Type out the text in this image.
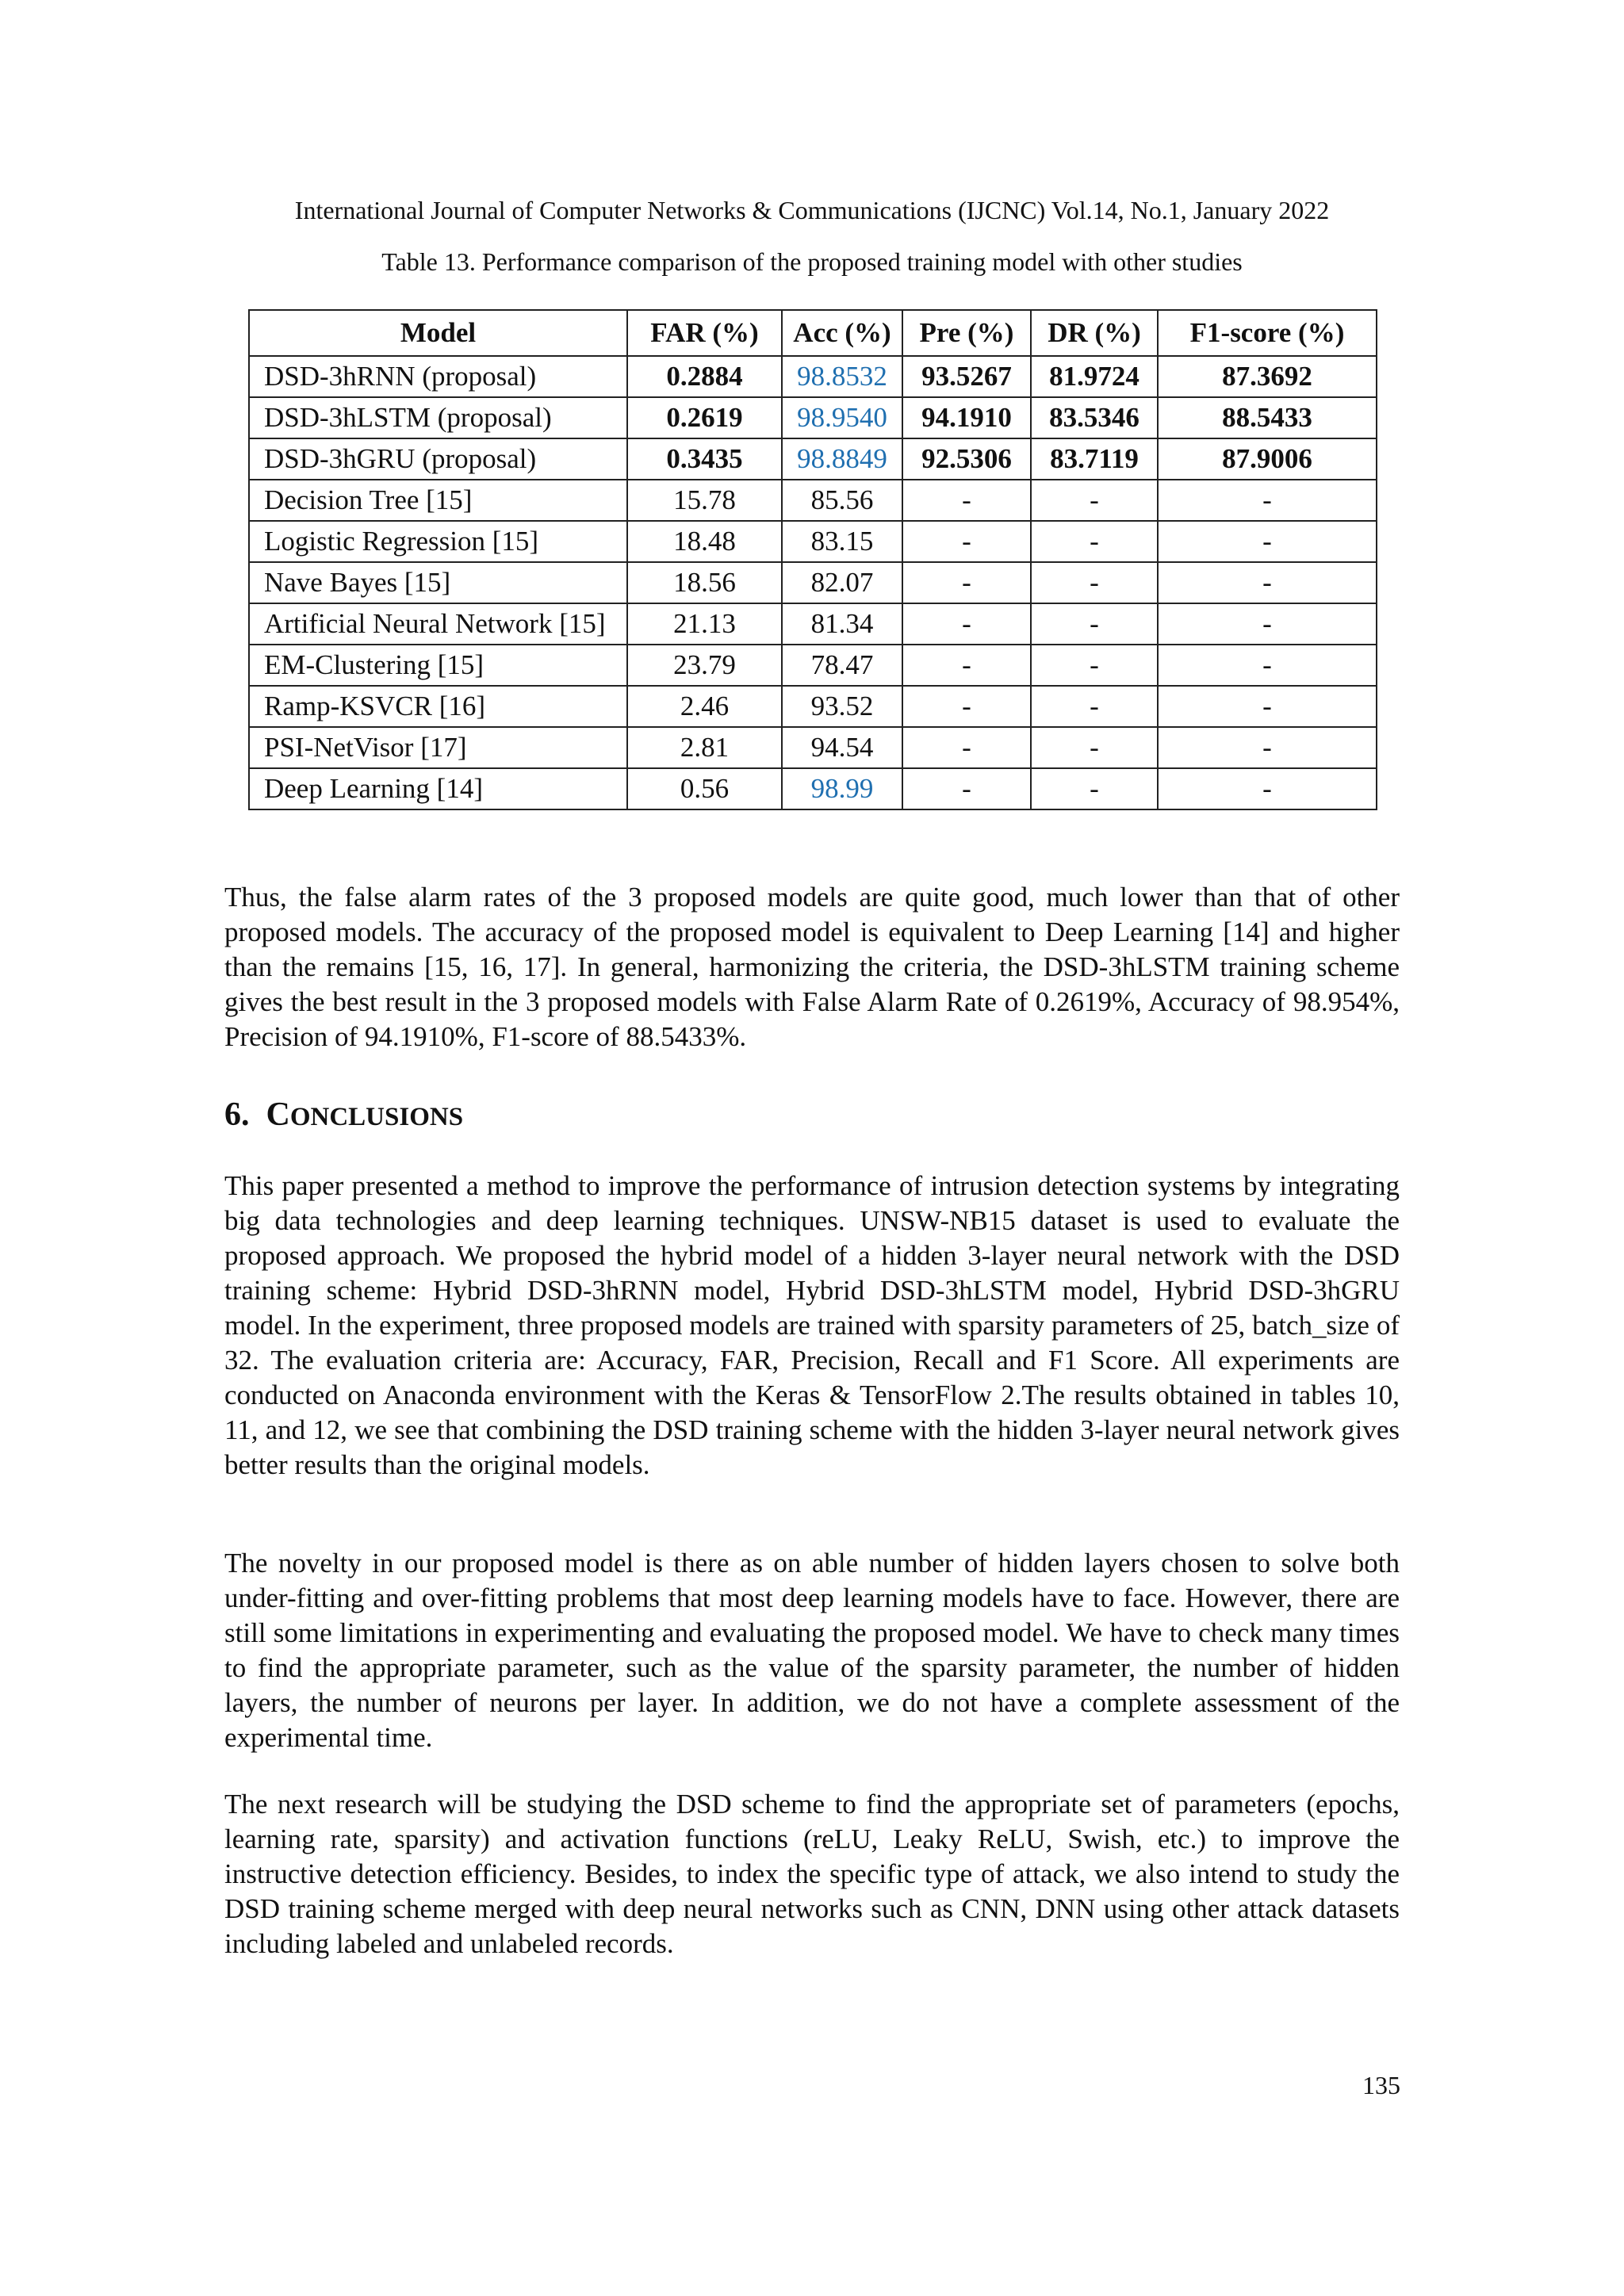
International Journal of Computer Networks & Communications (IJCNC) Vol.14, No.1, January 2022
Table 13. Performance comparison of the proposed training model with other studies
Model	FAR (%)	Acc (%)	Pre (%)	DR (%)	F1-score (%)
DSD-3hRNN (proposal)	0.2884	98.8532	93.5267	81.9724	87.3692
DSD-3hLSTM (proposal)	0.2619	98.9540	94.1910	83.5346	88.5433
DSD-3hGRU (proposal)	0.3435	98.8849	92.5306	83.7119	87.9006
Decision Tree [15]	15.78	85.56	-	-	-
Logistic Regression [15]	18.48	83.15	-	-	-
Nave Bayes [15]	18.56	82.07	-	-	-
Artificial Neural Network [15]	21.13	81.34	-	-	-
EM-Clustering [15]	23.79	78.47	-	-	-
Ramp-KSVCR [16]	2.46	93.52	-	-	-
PSI-NetVisor [17]	2.81	94.54	-	-	-
Deep Learning [14]	0.56	98.99	-	-	-

Thus, the false alarm rates of the 3 proposed models are quite good, much lower than that of other proposed models. The accuracy of the proposed model is equivalent to Deep Learning [14] and higher than the remains [15, 16, 17]. In general, harmonizing the criteria, the DSD-3hLSTM training scheme gives the best result in the 3 proposed models with False Alarm Rate of 0.2619%, Accuracy of 98.954%, Precision of 94.1910%, F1-score of 88.5433%.

6. CONCLUSIONS

This paper presented a method to improve the performance of intrusion detection systems by integrating big data technologies and deep learning techniques. UNSW-NB15 dataset is used to evaluate the proposed approach. We proposed the hybrid model of a hidden 3-layer neural network with the DSD training scheme: Hybrid DSD-3hRNN model, Hybrid DSD-3hLSTM model, Hybrid DSD-3hGRU model. In the experiment, three proposed models are trained with sparsity parameters of 25, batch_size of 32. The evaluation criteria are: Accuracy, FAR, Precision, Recall and F1 Score. All experiments are conducted on Anaconda environment with the Keras & TensorFlow 2.The results obtained in tables 10, 11, and 12, we see that combining the DSD training scheme with the hidden 3-layer neural network gives better results than the original models.

The novelty in our proposed model is there as on able number of hidden layers chosen to solve both under-fitting and over-fitting problems that most deep learning models have to face. However, there are still some limitations in experimenting and evaluating the proposed model. We have to check many times to find the appropriate parameter, such as the value of the sparsity parameter, the number of hidden layers, the number of neurons per layer. In addition, we do not have a complete assessment of the experimental time.

The next research will be studying the DSD scheme to find the appropriate set of parameters (epochs, learning rate, sparsity) and activation functions (reLU, Leaky ReLU, Swish, etc.) to improve the instructive detection efficiency. Besides, to index the specific type of attack, we also intend to study the DSD training scheme merged with deep neural networks such as CNN, DNN using other attack datasets including labeled and unlabeled records.

135
